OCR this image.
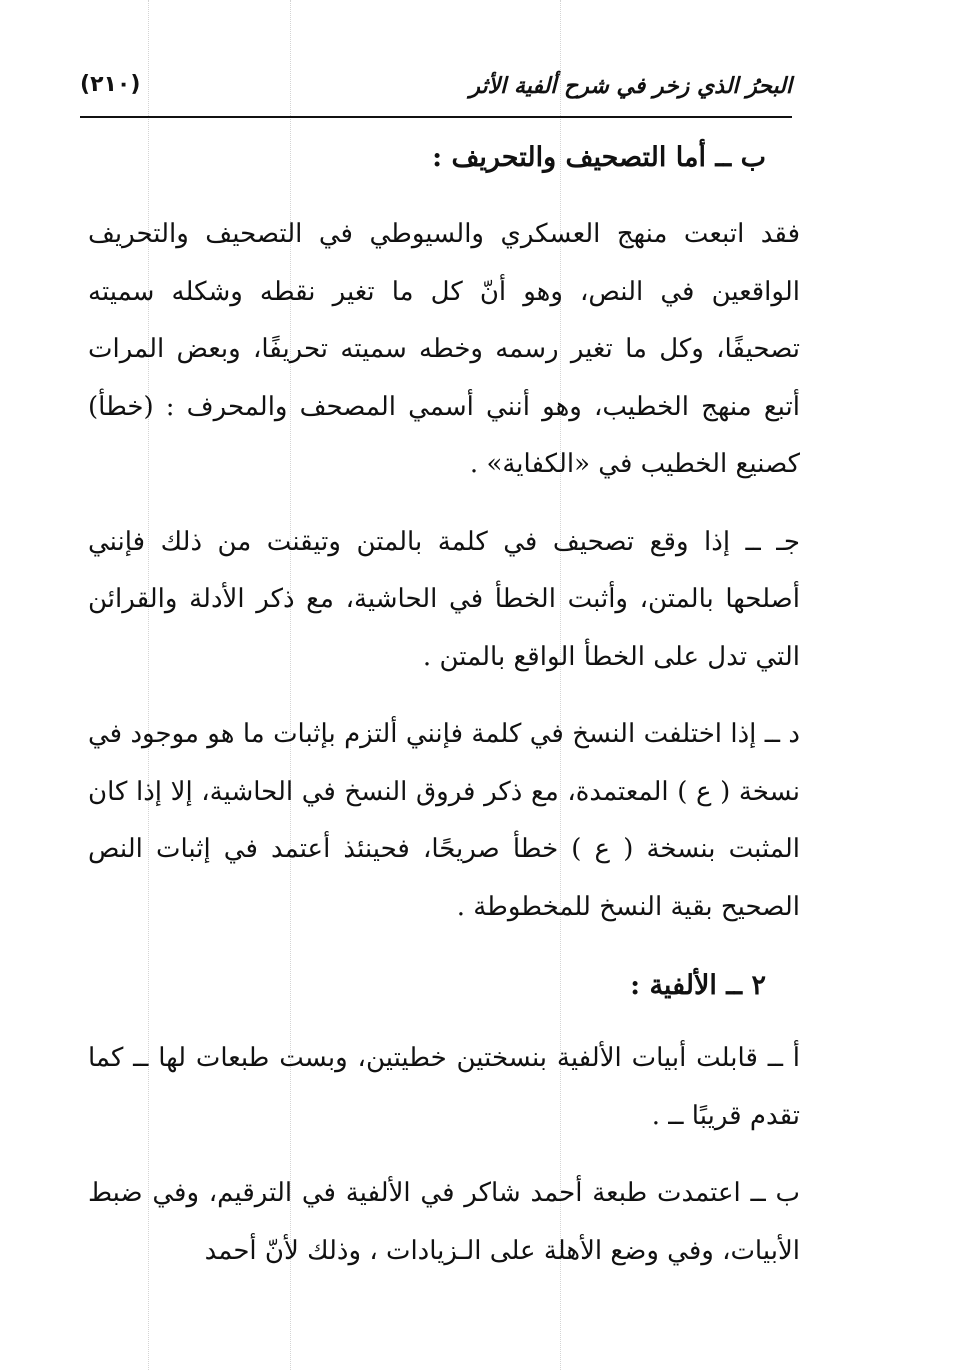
البحرُ الذي زخر في شرح ألفية الأثر
(٢١٠)
ب ــ أما التصحيف والتحريف :

فقد اتبعت منهج العسكري والسيوطي في التصحيف والتحريف الواقعين في النص، وهو أنّ كل ما تغير نقطه وشكله سميته تصحيفًا، وكل ما تغير رسمه وخطه سميته تحريفًا، وبعض المرات أتبع منهج الخطيب، وهو أنني أسمي المصحف والمحرف : (خطأ) كصنيع الخطيب في «الكفاية» .

جـ ــ إذا وقع تصحيف في كلمة بالمتن وتيقنت من ذلك فإنني أصلحها بالمتن، وأثبت الخطأ في الحاشية، مع ذكر الأدلة والقرائن التي تدل على الخطأ الواقع بالمتن .

د ــ إذا اختلفت النسخ في كلمة فإنني ألتزم بإثبات ما هو موجود في نسخة ( ع ) المعتمدة، مع ذكر فروق النسخ في الحاشية، إلا إذا كان المثبت بنسخة ( ع ) خطأ صريحًا، فحينئذ أعتمد في إثبات النص الصحيح بقية النسخ للمخطوطة .

٢ ــ الألفية :

أ ــ قابلت أبيات الألفية بنسختين خطيتين، وبست طبعات لها ــ كما تقدم قريبًا ــ .

ب ــ اعتمدت طبعة أحمد شاكر في الألفية في الترقيم، وفي ضبط الأبيات، وفي وضع الأهلة على الـزيادات ، وذلك لأنّ أحمد
